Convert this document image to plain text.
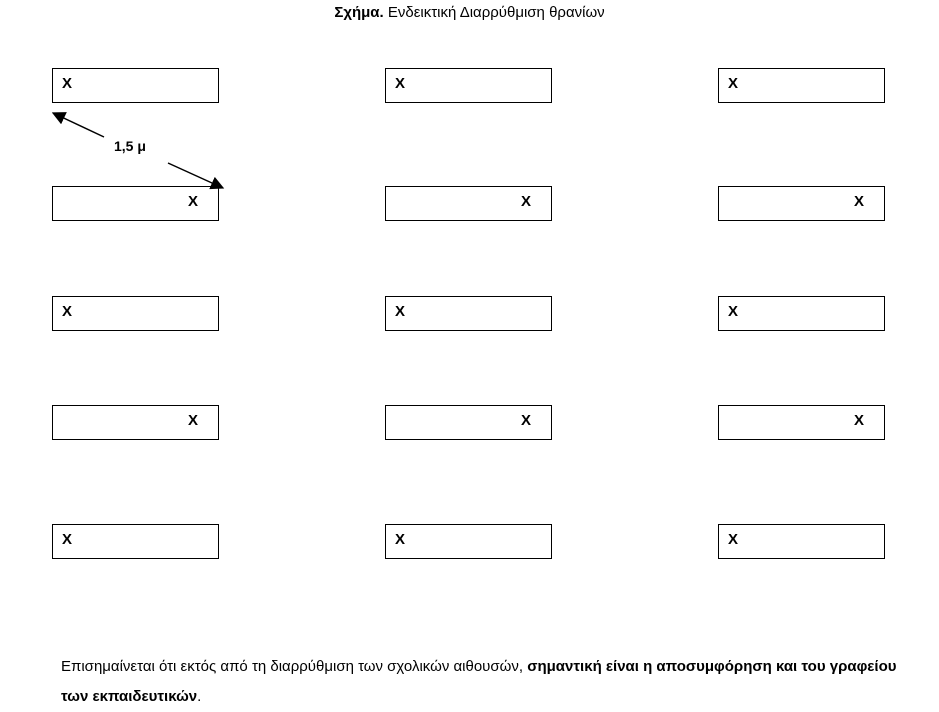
Σχήμα. Ενδεικτική Διαρρύθμιση θρανίων
Χ	Χ	Χ
Χ	Χ	Χ
Χ	Χ	Χ
Χ	Χ	Χ
Χ	Χ	Χ
1,5 μ
Επισημαίνεται ότι εκτός από τη διαρρύθμιση των σχολικών αιθουσών, σημαντική είναι η αποσυμφόρηση και του γραφείου των εκπαιδευτικών.
